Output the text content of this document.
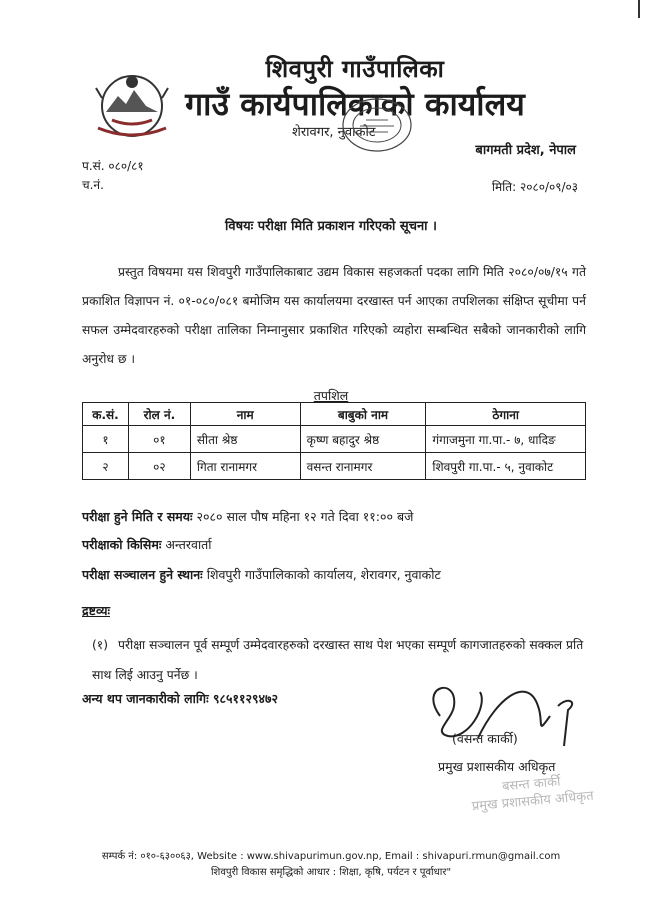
शिवपुरी गाउँपालिका
गाउँ कार्यपालिकाको कार्यालय
शेरावगर, नुवाकोट
बागमती प्रदेश, नेपाल
प.सं. ०८०/८१
च.नं.	मिति: २०८०/०९/०३
विषयः परीक्षा मिति प्रकाशन गरिएको सूचना ।
प्रस्तुत विषयमा यस शिवपुरी गाउँपालिकाबाट उद्यम विकास सहजकर्ता पदका लागि मिति २०८०/०७/१५ गते प्रकाशित विज्ञापन नं. ०१-०८०/०८१ बमोजिम यस कार्यालयमा दरखास्त पर्न आएका तपशिलका संक्षिप्त सूचीमा पर्न सफल उम्मेदवारहरुको परीक्षा तालिका निम्नानुसार प्रकाशित गरिएको व्यहोरा सम्बन्धित सबैको जानकारीको लागि अनुरोध छ ।
तपशिल
क.सं.	रोल नं.	नाम	बाबुको नाम	ठेगाना
१	०१	सीता श्रेष्ठ	कृष्ण बहादुर श्रेष्ठ	गंगाजमुना गा.पा.- ७, धादिङ
२	०२	गिता रानामगर	वसन्त रानामगर	शिवपुरी गा.पा.- ५, नुवाकोट
परीक्षा हुने मिति र समयः २०८० साल पौष महिना १२ गते दिवा ११:०० बजे
परीक्षाको किसिमः अन्तरवार्ता
परीक्षा सञ्चालन हुने स्थानः शिवपुरी गाउँपालिकाको कार्यालय, शेरावगर, नुवाकोट
द्रष्टव्यः
(१) परीक्षा सञ्चालन पूर्व सम्पूर्ण उम्मेदवारहरुको दरखास्त साथ पेश भएका सम्पूर्ण कागजातहरुको सक्कल प्रति साथ लिई आउनु पर्नेछ ।
अन्य थप जानकारीको लागिः ९८५११२९४७२
(वसन्त कार्की)
प्रमुख प्रशासकीय अधिकृत
बसन्त कार्की
प्रमुख प्रशासकीय अधिकृत
सम्पर्क नं: ०१०-६३००६३, Website : www.shivapurimun.gov.np, Email : shivapuri.rmun@gmail.com
शिवपुरी विकास समृद्धिको आधार : शिक्षा, कृषि, पर्यटन र पूर्वाधार"
